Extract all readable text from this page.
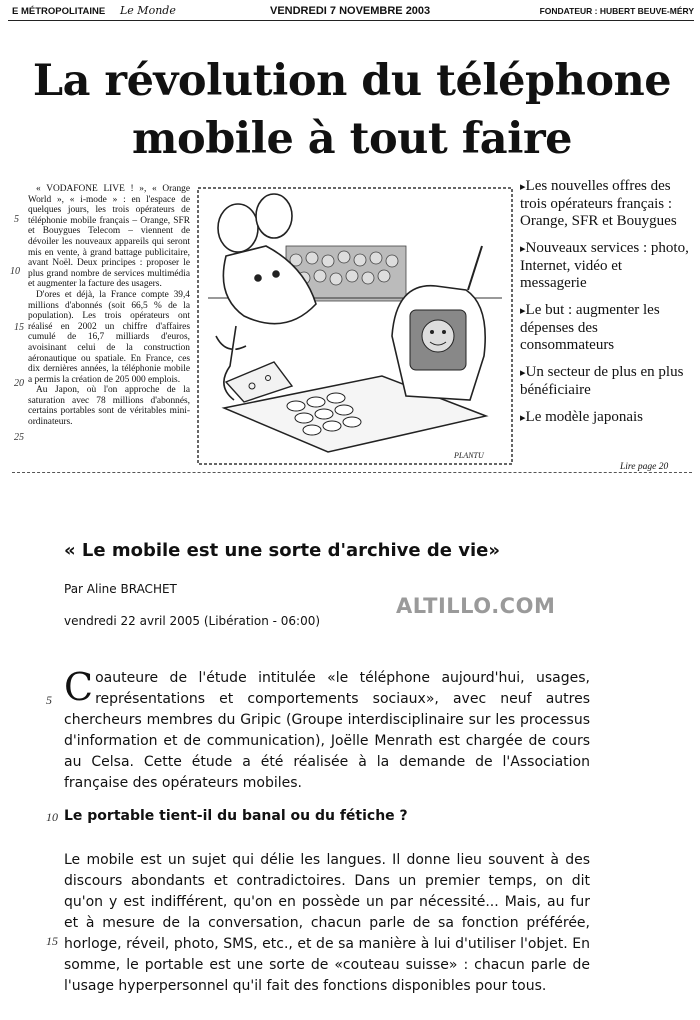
E MÉTROPOLITAINE Le Monde	VENDREDI 7 NOVEMBRE 2003	FONDATEUR : HUBERT BEUVE-MÉRY
La révolution du téléphone
mobile à tout faire

« VODAFONE LIVE ! », « Orange World », « i-mode » : en l'espace de quelques jours, les trois opérateurs de téléphonie mobile français – Orange, SFR et Bouygues Telecom – viennent de dévoiler les nouveaux appareils qui seront mis en vente, à grand battage publicitaire, avant Noël. Deux principes : proposer le plus grand nombre de services multimédia et augmenter la facture des usagers.

D'ores et déjà, la France compte 39,4 millions d'abonnés (soit 66,5 % de la population). Les trois opérateurs ont réalisé en 2002 un chiffre d'affaires cumulé de 16,7 milliards d'euros, avoisinant celui de la construction aéronautique ou spatiale. En France, ces dix dernières années, la téléphonie mobile a permis la création de 205 000 emplois.

Au Japon, où l'on approche de la saturation avec 78 millions d'abonnés, certains portables sont de véritables mini-ordinateurs.

5
10
15
20
25
PLANTU
▸Les nouvelles offres des trois opérateurs français : Orange, SFR et Bouygues
▸Nouveaux services : photo, Internet, vidéo et messagerie
▸Le but : augmenter les dépenses des consommateurs
▸Un secteur de plus en plus bénéficiaire
▸Le modèle japonais
Lire page 20
« Le mobile est une sorte d'archive de vie»
Par Aline BRACHET
ALTILLO.COM
vendredi 22 avril 2005 (Libération - 06:00)
C oauteure de l'étude intitulée «le téléphone aujourd'hui, usages, représentations et comportements sociaux», avec neuf autres chercheurs membres du Gripic (Groupe interdisciplinaire sur les processus d'information et de communication), Joëlle Menrath est chargée de cours au Celsa. Cette étude a été réalisée à la demande de l'Association française des opérateurs mobiles.

5
Le portable tient-il du banal ou du fétiche ?
10

Le mobile est un sujet qui délie les langues. Il donne lieu souvent à des discours abondants et contradictoires. Dans un premier temps, on dit qu'on y est indifférent, qu'on en possède un par nécessité... Mais, au fur et à mesure de la conversation, chacun parle de sa fonction préférée, horloge, réveil, photo, SMS, etc., et de sa manière à lui d'utiliser l'objet. En somme, le portable est une sorte de «couteau suisse» : chacun parle de l'usage hyperpersonnel qu'il fait des fonctions disponibles pour tous.

15
